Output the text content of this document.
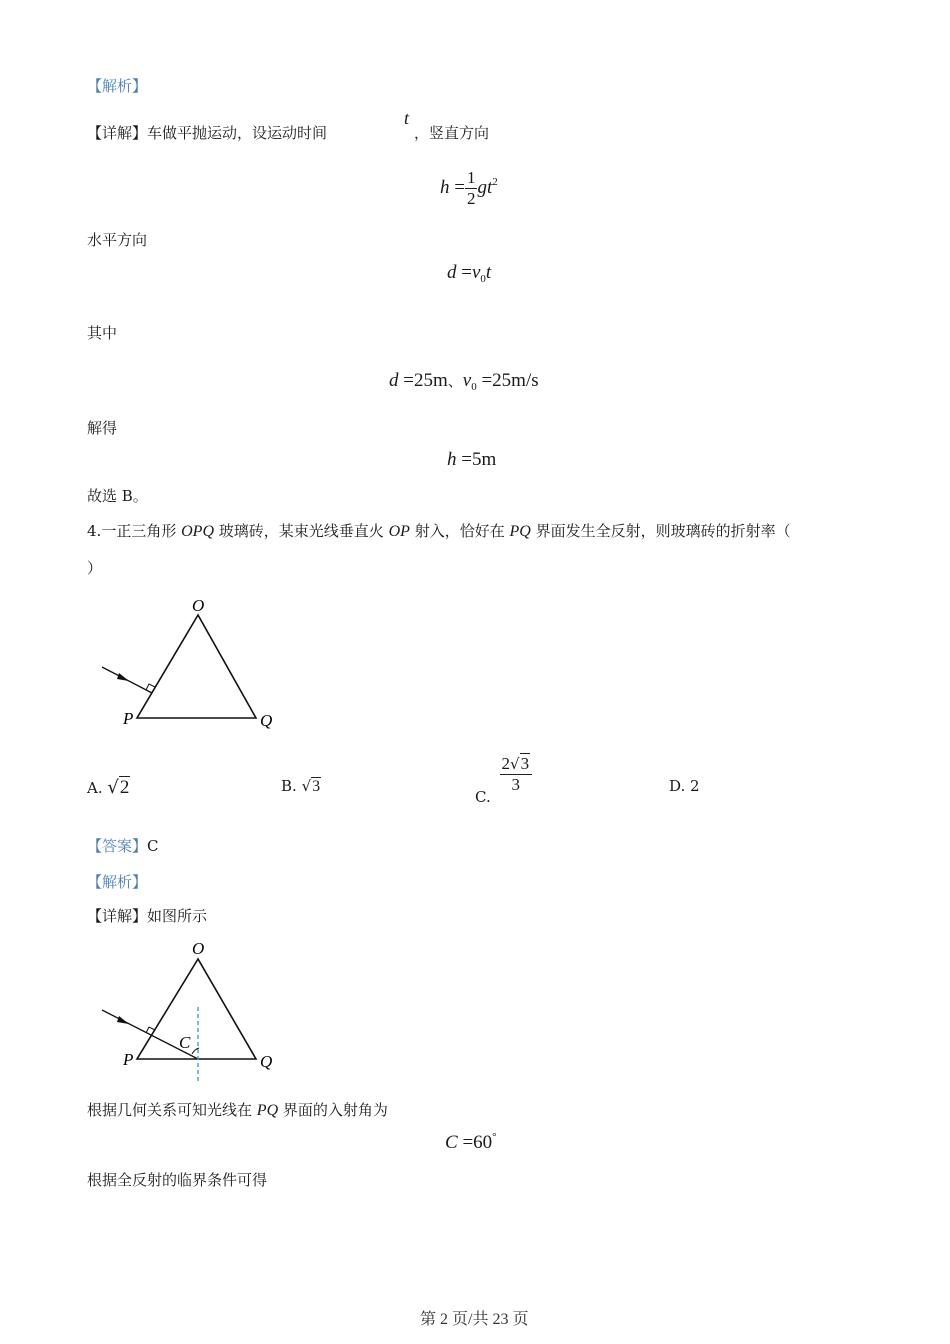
【解析】
【详解】车做平抛运动，设运动时间
t
，竖直方向
$h = \frac{1}{2} gt^2$
水平方向
$d =v_0t$
其中
d =25m、$v_0 =25m/s$
解得
h =5m
故选 B。
4.一正三角形 OPQ 玻璃砖，某束光线垂直火 OP 射入，恰好在 PQ 界面发生全反射，则玻璃砖的折射率（
）
O
P	Q
A. √2	B. √3
C.
$\frac{2√3}{3}$	D. 2
【答案】C
【解析】
【详解】如图所示
O
P	Q
C
根据几何关系可知光线在 PQ 界面的入射角为
C =60°
根据全反射的临界条件可得
第 2 页/共 23 页
